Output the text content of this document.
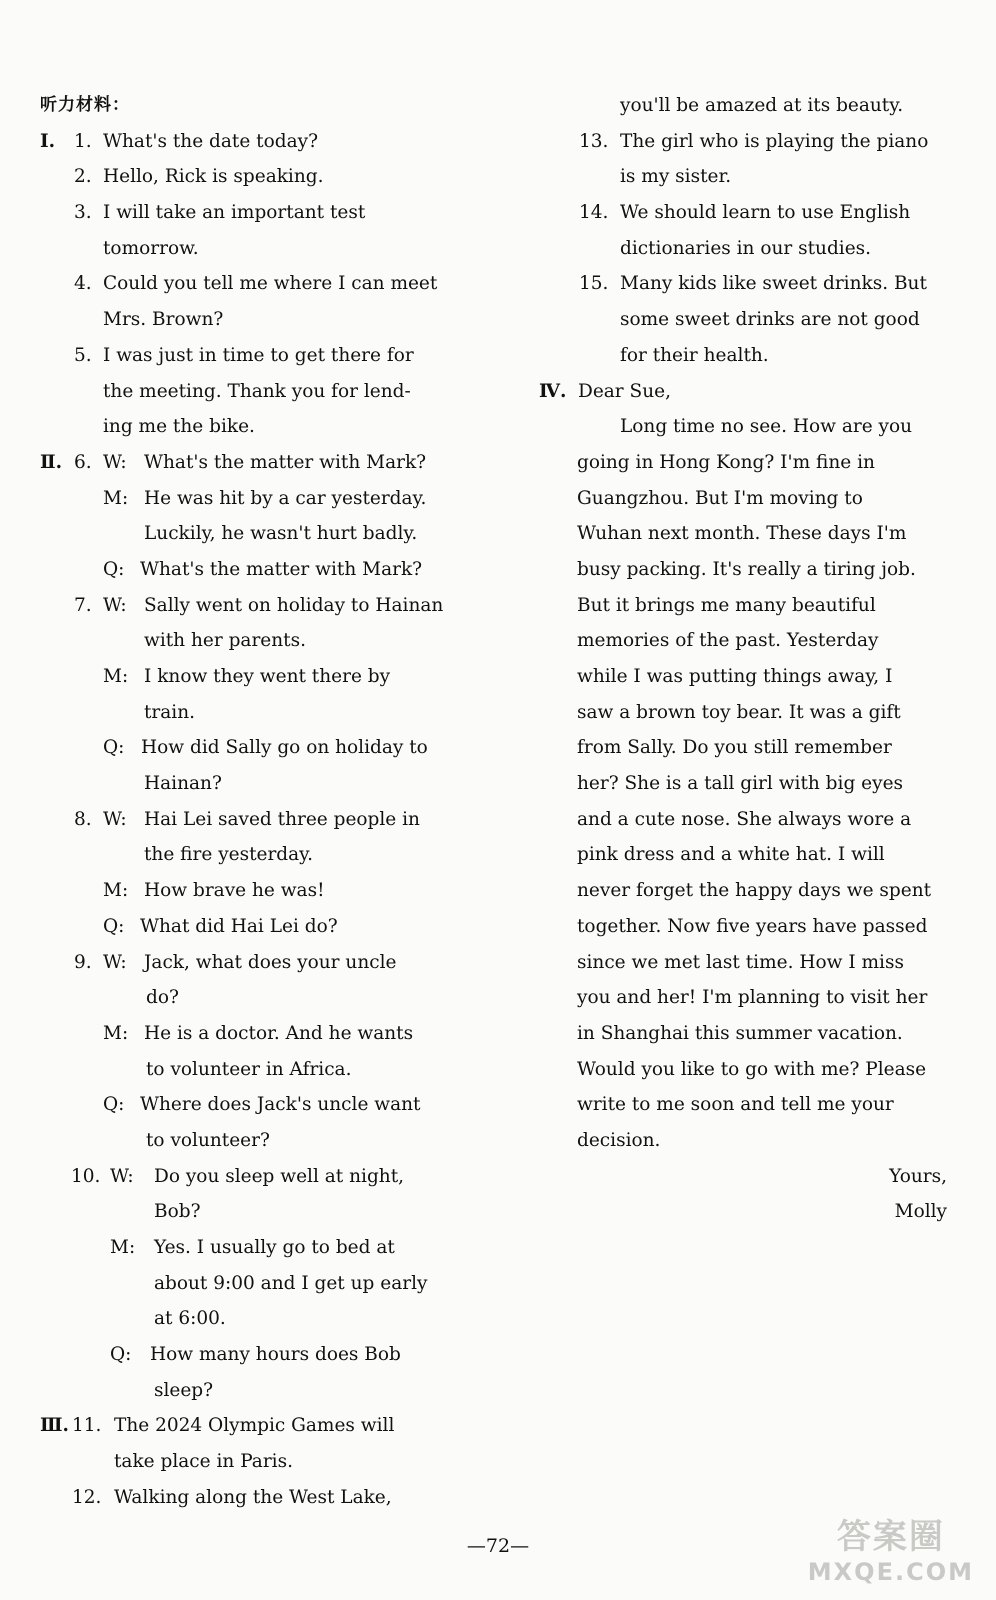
听力材料：
Ⅰ. 1. What's the date today?
2. Hello, Rick is speaking.
3. I will take an important test
tomorrow.
4. Could you tell me where I can meet
Mrs. Brown?
5. I was just in time to get there for
the meeting. Thank you for lend-
ing me the bike.
Ⅱ. 6. W: What's the matter with Mark?
M: He was hit by a car yesterday.
Luckily, he wasn't hurt badly.
Q: What's the matter with Mark?
7. W: Sally went on holiday to Hainan
with her parents.
M: I know they went there by
train.
Q: How did Sally go on holiday to
Hainan?
8. W: Hai Lei saved three people in
the fire yesterday.
M: How brave he was!
Q: What did Hai Lei do?
9. W: Jack, what does your uncle
do?
M: He is a doctor. And he wants
to volunteer in Africa.
Q: Where does Jack's uncle want
to volunteer?
10. W: Do you sleep well at night,
Bob?
M: Yes. I usually go to bed at
about 9:00 and I get up early
at 6:00.
Q: How many hours does Bob
sleep?
Ⅲ. 11. The 2024 Olympic Games will
take place in Paris.
12. Walking along the West Lake,
you'll be amazed at its beauty.
13. The girl who is playing the piano
is my sister.
14. We should learn to use English
dictionaries in our studies.
15. Many kids like sweet drinks. But
some sweet drinks are not good
for their health.
Ⅳ. Dear Sue,
Long time no see. How are you
going in Hong Kong? I'm fine in
Guangzhou. But I'm moving to
Wuhan next month. These days I'm
busy packing. It's really a tiring job.
But it brings me many beautiful
memories of the past. Yesterday
while I was putting things away, I
saw a brown toy bear. It was a gift
from Sally. Do you still remember
her? She is a tall girl with big eyes
and a cute nose. She always wore a
pink dress and a white hat. I will
never forget the happy days we spent
together. Now five years have passed
since we met last time. How I miss
you and her! I'm planning to visit her
in Shanghai this summer vacation.
Would you like to go with me? Please
write to me soon and tell me your
decision.
Yours,
Molly
—72—	答案圈
MXQE.COM
